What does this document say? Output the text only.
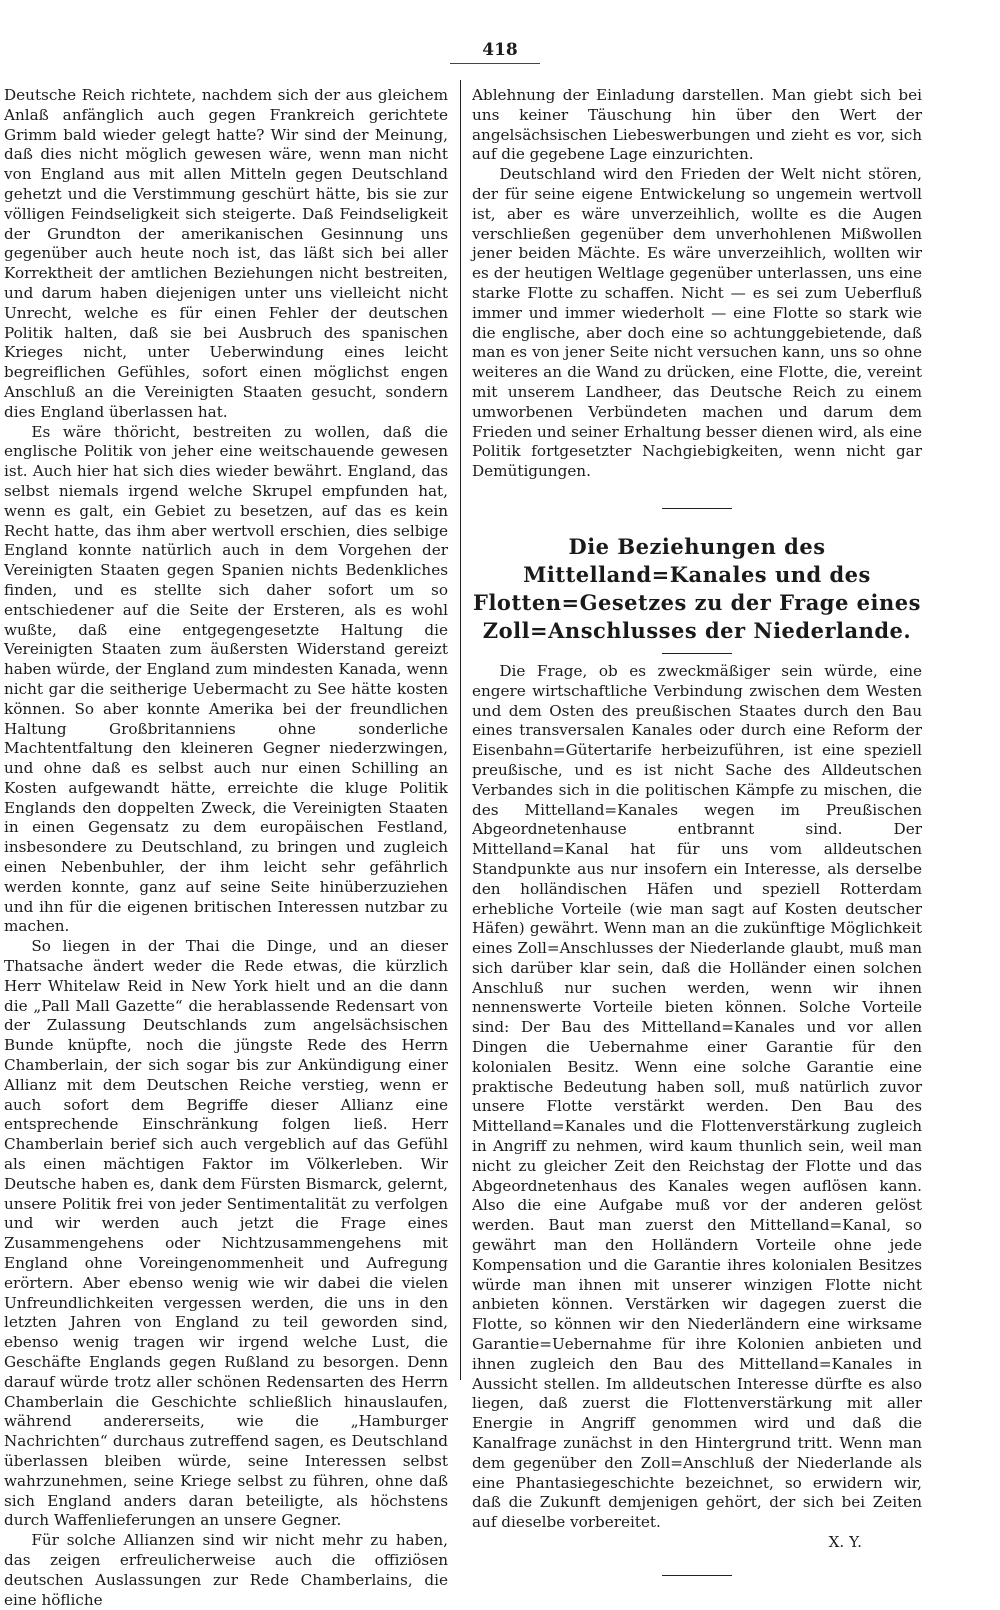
418

Deutsche Reich richtete, nachdem sich der aus gleichem Anlaß anfänglich auch gegen Frankreich gerichtete Grimm bald wieder gelegt hatte? Wir sind der Meinung, daß dies nicht möglich gewesen wäre, wenn man nicht von England aus mit allen Mitteln gegen Deutschland gehetzt und die Verstimmung geschürt hätte, bis sie zur völligen Feindseligkeit sich steigerte. Daß Feindseligkeit der Grundton der amerikanischen Gesinnung uns gegenüber auch heute noch ist, das läßt sich bei aller Korrektheit der amtlichen Beziehungen nicht bestreiten, und darum haben diejenigen unter uns vielleicht nicht Unrecht, welche es für einen Fehler der deutschen Politik halten, daß sie bei Ausbruch des spanischen Krieges nicht, unter Ueberwindung eines leicht begreiflichen Gefühles, sofort einen möglichst engen Anschluß an die Vereinigten Staaten gesucht, sondern dies England überlassen hat.

Es wäre thöricht, bestreiten zu wollen, daß die englische Politik von jeher eine weitschauende gewesen ist. Auch hier hat sich dies wieder bewährt. England, das selbst niemals irgend welche Skrupel empfunden hat, wenn es galt, ein Gebiet zu besetzen, auf das es kein Recht hatte, das ihm aber wertvoll erschien, dies selbige England konnte natürlich auch in dem Vorgehen der Vereinigten Staaten gegen Spanien nichts Bedenkliches finden, und es stellte sich daher sofort um so entschiedener auf die Seite der Ersteren, als es wohl wußte, daß eine entgegengesetzte Haltung die Vereinigten Staaten zum äußersten Widerstand gereizt haben würde, der England zum mindesten Kanada, wenn nicht gar die seitherige Uebermacht zu See hätte kosten können. So aber konnte Amerika bei der freundlichen Haltung Großbritanniens ohne sonderliche Machtentfaltung den kleineren Gegner niederzwingen, und ohne daß es selbst auch nur einen Schilling an Kosten aufgewandt hätte, erreichte die kluge Politik Englands den doppelten Zweck, die Vereinigten Staaten in einen Gegensatz zu dem europäischen Festland, insbesondere zu Deutschland, zu bringen und zugleich einen Nebenbuhler, der ihm leicht sehr gefährlich werden konnte, ganz auf seine Seite hinüberzuziehen und ihn für die eigenen britischen Interessen nutzbar zu machen.

So liegen in der Thai die Dinge, und an dieser Thatsache ändert weder die Rede etwas, die kürzlich Herr Whitelaw Reid in New York hielt und an die dann die „Pall Mall Gazette“ die herablassende Redensart von der Zulassung Deutschlands zum angelsächsischen Bunde knüpfte, noch die jüngste Rede des Herrn Chamberlain, der sich sogar bis zur Ankündigung einer Allianz mit dem Deutschen Reiche verstieg, wenn er auch sofort dem Begriffe dieser Allianz eine entsprechende Einschränkung folgen ließ. Herr Chamberlain berief sich auch vergeblich auf das Gefühl als einen mächtigen Faktor im Völkerleben. Wir Deutsche haben es, dank dem Fürsten Bismarck, gelernt, unsere Politik frei von jeder Sentimentalität zu verfolgen und wir werden auch jetzt die Frage eines Zusammengehens oder Nichtzusammengehens mit England ohne Voreingenommenheit und Aufregung erörtern. Aber ebenso wenig wie wir dabei die vielen Unfreundlichkeiten vergessen werden, die uns in den letzten Jahren von England zu teil geworden sind, ebenso wenig tragen wir irgend welche Lust, die Geschäfte Englands gegen Rußland zu besorgen. Denn darauf würde trotz aller schönen Redensarten des Herrn Chamberlain die Geschichte schließlich hinauslaufen, während andererseits, wie die „Hamburger Nachrichten“ durchaus zutreffend sagen, es Deutschland überlassen bleiben würde, seine Interessen selbst wahrzunehmen, seine Kriege selbst zu führen, ohne daß sich England anders daran beteiligte, als höchstens durch Waffenlieferungen an unsere Gegner.

Für solche Allianzen sind wir nicht mehr zu haben, das zeigen erfreulicherweise auch die offiziösen deutschen Auslassungen zur Rede Chamberlains, die eine höfliche

Ablehnung der Einladung darstellen. Man giebt sich bei uns keiner Täuschung hin über den Wert der angelsächsischen Liebeswerbungen und zieht es vor, sich auf die gegebene Lage einzurichten.

Deutschland wird den Frieden der Welt nicht stören, der für seine eigene Entwickelung so ungemein wertvoll ist, aber es wäre unverzeihlich, wollte es die Augen verschließen gegenüber dem unverhohlenen Mißwollen jener beiden Mächte. Es wäre unverzeihlich, wollten wir es der heutigen Weltlage gegenüber unterlassen, uns eine starke Flotte zu schaffen. Nicht — es sei zum Ueberfluß immer und immer wiederholt — eine Flotte so stark wie die englische, aber doch eine so achtunggebietende, daß man es von jener Seite nicht versuchen kann, uns so ohne weiteres an die Wand zu drücken, eine Flotte, die, vereint mit unserem Landheer, das Deutsche Reich zu einem umworbenen Verbündeten machen und darum dem Frieden und seiner Erhaltung besser dienen wird, als eine Politik fortgesetzter Nachgiebigkeiten, wenn nicht gar Demütigungen.

Die Beziehungen des Mittelland=Kanales und des Flotten=Gesetzes zu der Frage eines Zoll=Anschlusses der Niederlande.

Die Frage, ob es zweckmäßiger sein würde, eine engere wirtschaftliche Verbindung zwischen dem Westen und dem Osten des preußischen Staates durch den Bau eines transversalen Kanales oder durch eine Reform der Eisenbahn=Gütertarife herbeizuführen, ist eine speziell preußische, und es ist nicht Sache des Alldeutschen Verbandes sich in die politischen Kämpfe zu mischen, die des Mittelland=Kanales wegen im Preußischen Abgeordnetenhause entbrannt sind. Der Mittelland=Kanal hat für uns vom alldeutschen Standpunkte aus nur insofern ein Interesse, als derselbe den holländischen Häfen und speziell Rotterdam erhebliche Vorteile (wie man sagt auf Kosten deutscher Häfen) gewährt. Wenn man an die zukünftige Möglichkeit eines Zoll=Anschlusses der Niederlande glaubt, muß man sich darüber klar sein, daß die Holländer einen solchen Anschluß nur suchen werden, wenn wir ihnen nennenswerte Vorteile bieten können. Solche Vorteile sind: Der Bau des Mittelland=Kanales und vor allen Dingen die Uebernahme einer Garantie für den kolonialen Besitz. Wenn eine solche Garantie eine praktische Bedeutung haben soll, muß natürlich zuvor unsere Flotte verstärkt werden. Den Bau des Mittelland=Kanales und die Flottenverstärkung zugleich in Angriff zu nehmen, wird kaum thunlich sein, weil man nicht zu gleicher Zeit den Reichstag der Flotte und das Abgeordnetenhaus des Kanales wegen auflösen kann. Also die eine Aufgabe muß vor der anderen gelöst werden. Baut man zuerst den Mittelland=Kanal, so gewährt man den Holländern Vorteile ohne jede Kompensation und die Garantie ihres kolonialen Besitzes würde man ihnen mit unserer winzigen Flotte nicht anbieten können. Verstärken wir dagegen zuerst die Flotte, so können wir den Niederländern eine wirksame Garantie=Uebernahme für ihre Kolonien anbieten und ihnen zugleich den Bau des Mittelland=Kanales in Aussicht stellen. Im alldeutschen Interesse dürfte es also liegen, daß zuerst die Flottenverstärkung mit aller Energie in Angriff genommen wird und daß die Kanalfrage zunächst in den Hintergrund tritt. Wenn man dem gegenüber den Zoll=Anschluß der Niederlande als eine Phantasiegeschichte bezeichnet, so erwidern wir, daß die Zukunft demjenigen gehört, der sich bei Zeiten auf dieselbe vorbereitet.
X. Y.
